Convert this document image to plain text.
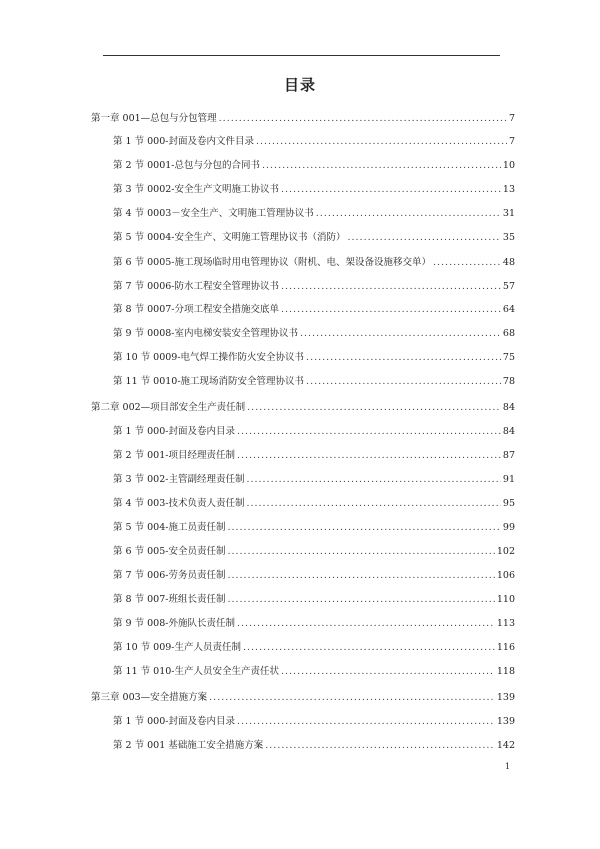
目录
第一章 001—总包与分包管理 .....	7
第 1 节 000-封面及卷内文件目录 .....	7
第 2 节 0001-总包与分包的合同书 .....	10
第 3 节 0002-安全生产文明施工协议书 .....	13
第 4 节 0003－安全生产、文明施工管理协议书 .....	31
第 5 节 0004-安全生产、文明施工管理协议书（消防） .....	35
第 6 节 0005-施工现场临时用电管理协议（附机、电、架设备设施移交单） .....	48
第 7 节 0006-防水工程安全管理协议书 .....	57
第 8 节 0007-分项工程安全措施交底单 .....	64
第 9 节 0008-室内电梯安装安全管理协议书 .....	68
第 10 节 0009-电气焊工操作防火安全协议书 .....	75
第 11 节 0010-施工现场消防安全管理协议书 .....	78
第二章 002—项目部安全生产责任制 .....	84
第 1 节 000-封面及卷内目录 .....	84
第 2 节 001-项目经理责任制 .....	87
第 3 节 002-主管副经理责任制 .....	91
第 4 节 003-技术负责人责任制 .....	95
第 5 节 004-施工员责任制 .....	99
第 6 节 005-安全员责任制 .....	102
第 7 节 006-劳务员责任制 .....	106
第 8 节 007-班组长责任制 .....	110
第 9 节 008-外施队长责任制 .....	113
第 10 节 009-生产人员责任制 .....	116
第 11 节 010-生产人员安全生产责任状 .....	118
第三章 003—安全措施方案 .....	139
第 1 节 000-封面及卷内目录 .....	139
第 2 节 001 基础施工安全措施方案 .....	142
1
